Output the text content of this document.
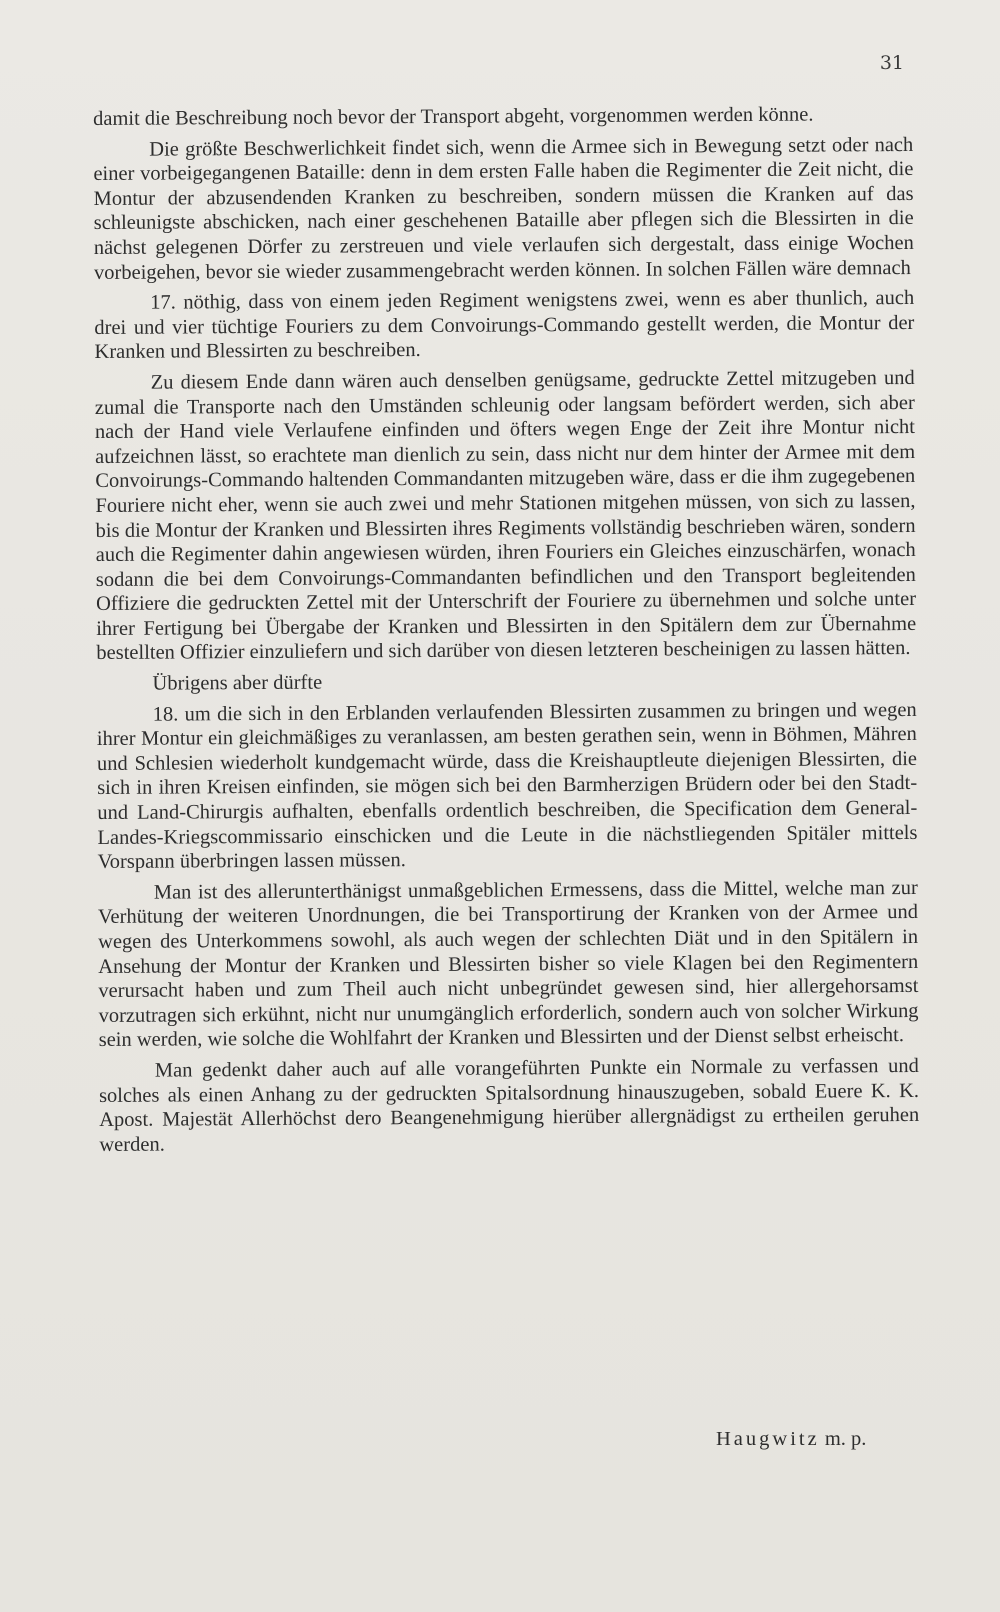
31

damit die Beschreibung noch bevor der Transport abgeht, vorgenommen werden könne.

Die größte Beschwerlichkeit findet sich, wenn die Armee sich in Bewegung setzt oder nach einer vorbeigegangenen Bataille: denn in dem ersten Falle haben die Regimenter die Zeit nicht, die Montur der abzusendenden Kranken zu beschreiben, sondern müssen die Kranken auf das schleunigste abschicken, nach einer geschehenen Bataille aber pflegen sich die Blessirten in die nächst gelegenen Dörfer zu zerstreuen und viele verlaufen sich dergestalt, dass einige Wochen vorbeigehen, bevor sie wieder zusammengebracht werden können. In solchen Fällen wäre demnach

17. nöthig, dass von einem jeden Regiment wenigstens zwei, wenn es aber thunlich, auch drei und vier tüchtige Fouriers zu dem Convoirungs-Commando gestellt werden, die Montur der Kranken und Blessirten zu beschreiben.

Zu diesem Ende dann wären auch denselben genügsame, gedruckte Zettel mitzugeben und zumal die Transporte nach den Umständen schleunig oder langsam befördert werden, sich aber nach der Hand viele Verlaufene einfinden und öfters wegen Enge der Zeit ihre Montur nicht aufzeichnen lässt, so erachtete man dienlich zu sein, dass nicht nur dem hinter der Armee mit dem Convoirungs-Commando haltenden Commandanten mitzugeben wäre, dass er die ihm zugegebenen Fouriere nicht eher, wenn sie auch zwei und mehr Stationen mitgehen müssen, von sich zu lassen, bis die Montur der Kranken und Blessirten ihres Regiments vollständig beschrieben wären, sondern auch die Regimenter dahin angewiesen würden, ihren Fouriers ein Gleiches einzuschärfen, wonach sodann die bei dem Convoirungs-Commandanten befindlichen und den Transport begleitenden Offiziere die gedruckten Zettel mit der Unterschrift der Fouriere zu übernehmen und solche unter ihrer Fertigung bei Übergabe der Kranken und Blessirten in den Spitälern dem zur Übernahme bestellten Offizier einzuliefern und sich darüber von diesen letzteren bescheinigen zu lassen hätten.

Übrigens aber dürfte

18. um die sich in den Erblanden verlaufenden Blessirten zusammen zu bringen und wegen ihrer Montur ein gleichmäßiges zu veranlassen, am besten gerathen sein, wenn in Böhmen, Mähren und Schlesien wiederholt kundgemacht würde, dass die Kreishauptleute diejenigen Blessirten, die sich in ihren Kreisen einfinden, sie mögen sich bei den Barmherzigen Brüdern oder bei den Stadt- und Land-Chirurgis aufhalten, ebenfalls ordentlich beschreiben, die Specification dem General-Landes-Kriegscommissario einschicken und die Leute in die nächstliegenden Spitäler mittels Vorspann überbringen lassen müssen.

Man ist des allerunterthänigst unmaßgeblichen Ermessens, dass die Mittel, welche man zur Verhütung der weiteren Unordnungen, die bei Transportirung der Kranken von der Armee und wegen des Unterkommens sowohl, als auch wegen der schlechten Diät und in den Spitälern in Ansehung der Montur der Kranken und Blessirten bisher so viele Klagen bei den Regimentern verursacht haben und zum Theil auch nicht unbegründet gewesen sind, hier allergehorsamst vorzutragen sich erkühnt, nicht nur unumgänglich erforderlich, sondern auch von solcher Wirkung sein werden, wie solche die Wohlfahrt der Kranken und Blessirten und der Dienst selbst erheischt.

Man gedenkt daher auch auf alle vorangeführten Punkte ein Normale zu verfassen und solches als einen Anhang zu der gedruckten Spitalsordnung hinauszugeben, sobald Euere K. K. Apost. Majestät Allerhöchst dero Beangenehmigung hierüber allergnädigst zu ertheilen geruhen werden.

Haugwitz m. p.
